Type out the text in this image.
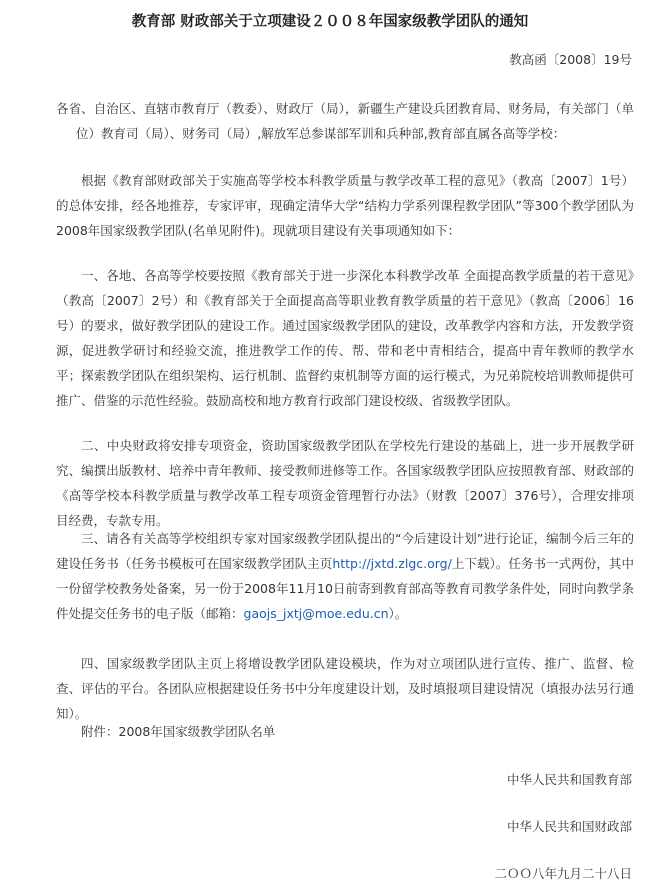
教育部 财政部关于立项建设２００８年国家级教学团队的通知
教高函〔2008〕19号

各省、自治区、直辖市教育厅（教委）、财政厅（局），新疆生产建设兵团教育局、财务局，有关部门（单位）教育司（局）、财务司（局）,解放军总参谋部军训和兵种部,教育部直属各高等学校：

根据《教育部财政部关于实施高等学校本科教学质量与教学改革工程的意见》（教高〔2007〕1号）的总体安排，经各地推荐，专家评审，现确定清华大学“结构力学系列课程教学团队”等300个教学团队为2008年国家级教学团队(名单见附件)。现就项目建设有关事项通知如下：

一、各地、各高等学校要按照《教育部关于进一步深化本科教学改革 全面提高教学质量的若干意见》（教高〔2007〕2号）和《教育部关于全面提高高等职业教育教学质量的若干意见》（教高〔2006〕16号）的要求，做好教学团队的建设工作。通过国家级教学团队的建设，改革教学内容和方法，开发教学资源，促进教学研讨和经验交流，推进教学工作的传、帮、带和老中青相结合，提高中青年教师的教学水平；探索教学团队在组织架构、运行机制、监督约束机制等方面的运行模式，为兄弟院校培训教师提供可推广、借鉴的示范性经验。鼓励高校和地方教育行政部门建设校级、省级教学团队。

二、中央财政将安排专项资金，资助国家级教学团队在学校先行建设的基础上，进一步开展教学研究、编撰出版教材、培养中青年教师、接受教师进修等工作。各国家级教学团队应按照教育部、财政部的《高等学校本科教学质量与教学改革工程专项资金管理暂行办法》（财教〔2007〕376号），合理安排项目经费，专款专用。

三、请各有关高等学校组织专家对国家级教学团队提出的“今后建设计划”进行论证，编制今后三年的建设任务书（任务书模板可在国家级教学团队主页http://jxtd.zlgc.org/上下载）。任务书一式两份，其中一份留学校教务处备案，另一份于2008年11月10日前寄到教育部高等教育司教学条件处，同时向教学条件处提交任务书的电子版（邮箱：gaojs_jxtj@moe.edu.cn）。

四、国家级教学团队主页上将增设教学团队建设模块，作为对立项团队进行宣传、推广、监督、检查、评估的平台。各团队应根据建设任务书中分年度建设计划，及时填报项目建设情况（填报办法另行通知）。

附件：2008年国家级教学团队名单

中华人民共和国教育部
中华人民共和国财政部
二ＯＯ八年九月二十八日
